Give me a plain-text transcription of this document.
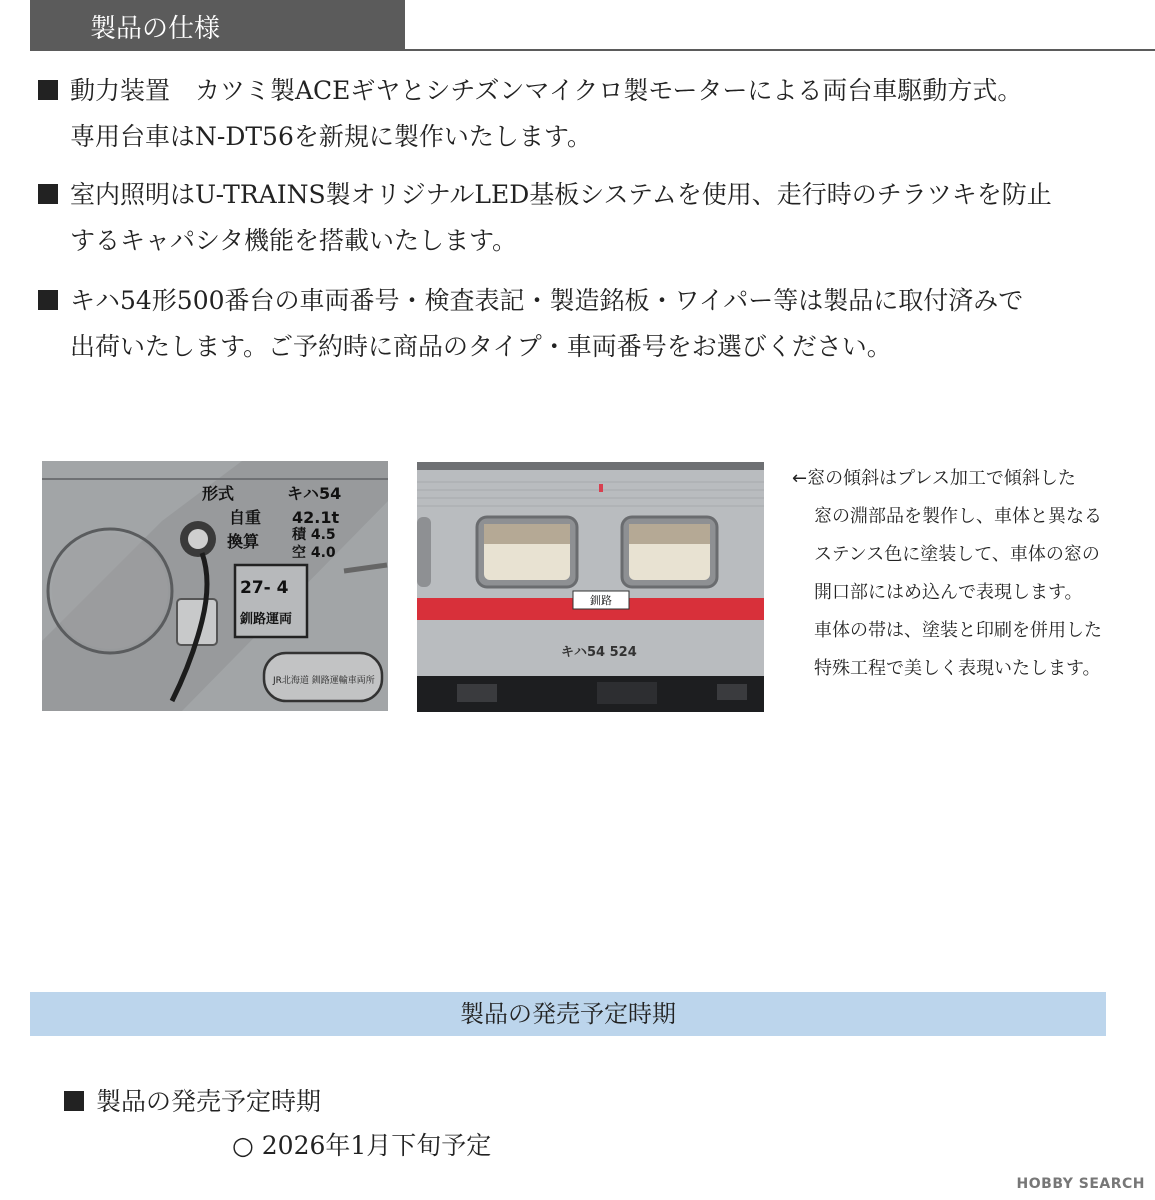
製品の仕様
動力装置　カツミ製ACEギヤとシチズンマイクロ製モーターによる両台車駆動方式。
専用台車はN-DT56を新規に製作いたします。
室内照明はU-TRAINS製オリジナルLED基板システムを使用、走行時のチラツキを防止
するキャパシタ機能を搭載いたします。
キハ54形500番台の車両番号・検査表記・製造銘板・ワイパー等は製品に取付済みで
出荷いたします。ご予約時に商品のタイプ・車両番号をお選びください。
形式	キハ54
自重 42.1t
換算 積 4.5
空 4.0
27- 4
釧路運両
JR北海道 釧路運輸車両所
釧路
キハ54 524
←窓の傾斜はプレス加工で傾斜した
窓の淵部品を製作し、車体と異なる
ステンス色に塗装して、車体の窓の
開口部にはめ込んで表現します。
車体の帯は、塗装と印刷を併用した
特殊工程で美しく表現いたします。
製品の発売予定時期
製品の発売予定時期
○ 2026年1月下旬予定
HOBBY SEARCH
